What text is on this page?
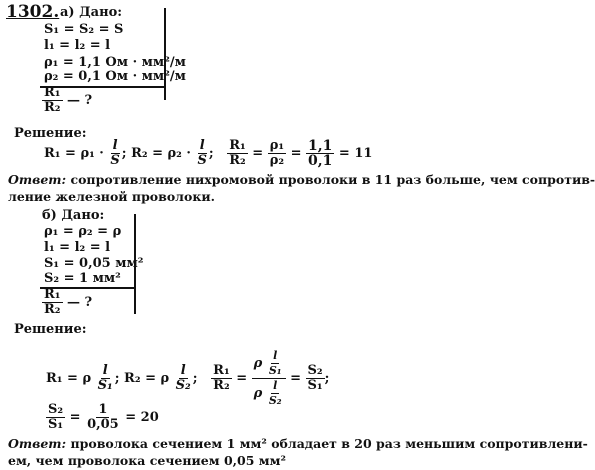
1302. а) Дано:
S₁ = S₂ = S
l₁ = l₂ = l
ρ₁ = 1,1 Ом · мм²/м
ρ₂ = 0,1 Ом · мм²/м
$\frac{\text{R₁}}{\text{R₂}}$ — ?
Решение:
$R_1 = \rho_1 \cdot \frac{l}{S}$ ; $R_2 = \rho_2 \cdot \frac{l}{S}$ ; $\frac{\text{R₁}}{\text{R₂}} = \frac{\text{ρ₁}}{\text{ρ₂}} = \frac{1,1}{0,1} = 11$
Ответ: сопротивление нихромовой проволоки в 11 раз больше, чем сопротив-
ление железной проволоки.
б) Дано:
ρ₁ = ρ₂ = ρ
l₁ = l₂ = l
S₁ = 0,05 мм²
S₂ = 1 мм²
$\frac{\text{R₁}}{\text{R₂}}$ — ?
Решение:
R₁ = ρ $\frac{l}{\text{S₁}}$ ; R₂ = ρ $\frac{l}{\text{S₂}}$ ; $\frac{\text{R₁}}{\text{R₂}} = \frac{\rho \frac{l}{\text{S₁}}}{\rho \frac{l}{\text{S₂}}} = \frac{\text{S₂}}{\text{S₁}}$ ;
$\frac{\text{S₂}}{\text{S₁}} = \frac{1}{0,05} = 20$
Ответ: проволока сечением 1 мм² обладает в 20 раз меньшим сопротивлени-
ем, чем проволока сечением 0,05 мм²
